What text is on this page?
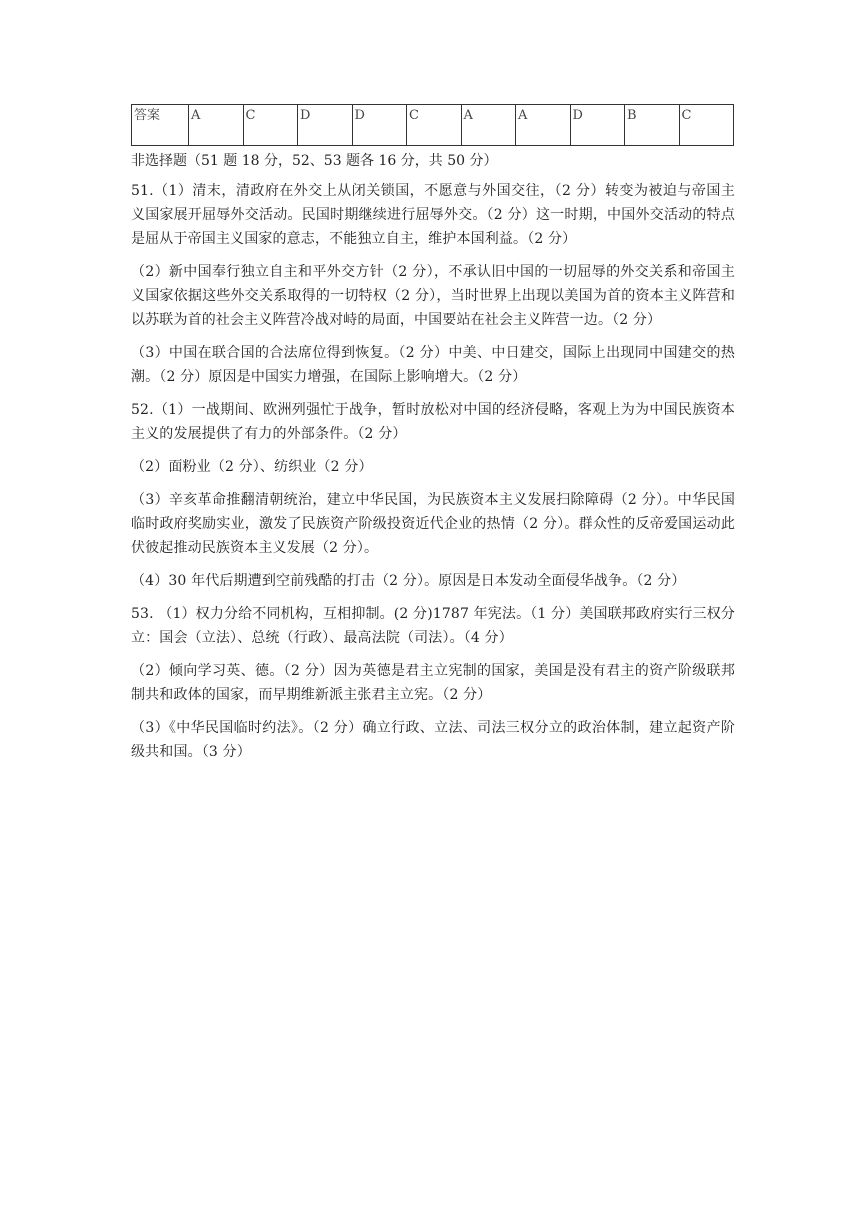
答案	A	C	D	D	C	A	A	D	B	C
非选择题（51 题 18 分，52、53 题各 16 分，共 50 分）

51.（1）清末，清政府在外交上从闭关锁国，不愿意与外国交往，（2 分）转变为被迫与帝国主义国家展开屈辱外交活动。民国时期继续进行屈辱外交。（2 分）这一时期，中国外交活动的特点是屈从于帝国主义国家的意志，不能独立自主，维护本国利益。（2 分）

（2）新中国奉行独立自主和平外交方针（2 分），不承认旧中国的一切屈辱的外交关系和帝国主义国家依据这些外交关系取得的一切特权（2 分），当时世界上出现以美国为首的资本主义阵营和以苏联为首的社会主义阵营冷战对峙的局面，中国要站在社会主义阵营一边。（2 分）

（3）中国在联合国的合法席位得到恢复。（2 分）中美、中日建交，国际上出现同中国建交的热潮。（2 分）原因是中国实力增强，在国际上影响增大。（2 分）

52.（1）一战期间、欧洲列强忙于战争，暂时放松对中国的经济侵略，客观上为为中国民族资本主义的发展提供了有力的外部条件。（2 分）

（2）面粉业（2 分）、纺织业（2 分）

（3）辛亥革命推翻清朝统治，建立中华民国，为民族资本主义发展扫除障碍（2 分）。中华民国临时政府奖励实业，激发了民族资产阶级投资近代企业的热情（2 分）。群众性的反帝爱国运动此伏彼起推动民族资本主义发展（2 分）。

（4）30 年代后期遭到空前残酷的打击（2 分）。原因是日本发动全面侵华战争。（2 分）

53. （1）权力分给不同机构，互相抑制。(2 分)1787 年宪法。（1 分）美国联邦政府实行三权分立：国会（立法）、总统（行政）、最高法院（司法）。（4 分）

（2）倾向学习英、德。（2 分）因为英德是君主立宪制的国家，美国是没有君主的资产阶级联邦制共和政体的国家，而早期维新派主张君主立宪。（2 分）

（3）《中华民国临时约法》。（2 分）确立行政、立法、司法三权分立的政治体制，建立起资产阶级共和国。（3 分）
